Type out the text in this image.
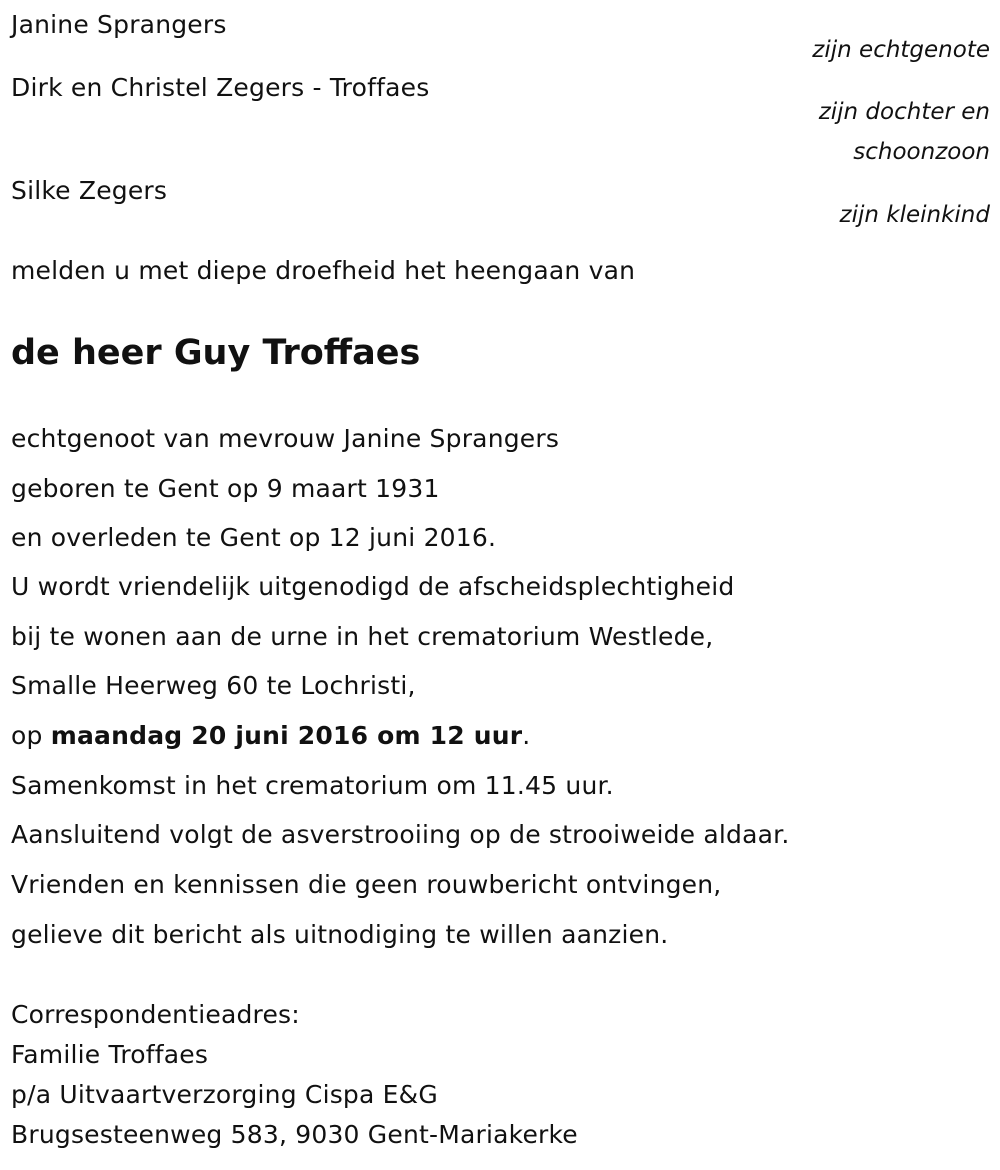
Janine Sprangers
zijn echtgenote
Dirk en Christel Zegers - Troffaes
zijn dochter en
schoonzoon
Silke Zegers
zijn kleinkind
melden u met diepe droefheid het heengaan van
de heer Guy Troffaes
echtgenoot van mevrouw Janine Sprangers
geboren te Gent op 9 maart 1931
en overleden te Gent op 12 juni 2016.
U wordt vriendelijk uitgenodigd de afscheidsplechtigheid
bij te wonen aan de urne in het crematorium Westlede,
Smalle Heerweg 60 te Lochristi,
op maandag 20 juni 2016 om 12 uur.
Samenkomst in het crematorium om 11.45 uur.
Aansluitend volgt de asverstrooiing op de strooiweide aldaar.
Vrienden en kennissen die geen rouwbericht ontvingen,
gelieve dit bericht als uitnodiging te willen aanzien.
Correspondentieadres:
Familie Troffaes
p/a Uitvaartverzorging Cispa E&G
Brugsesteenweg 583, 9030 Gent-Mariakerke
